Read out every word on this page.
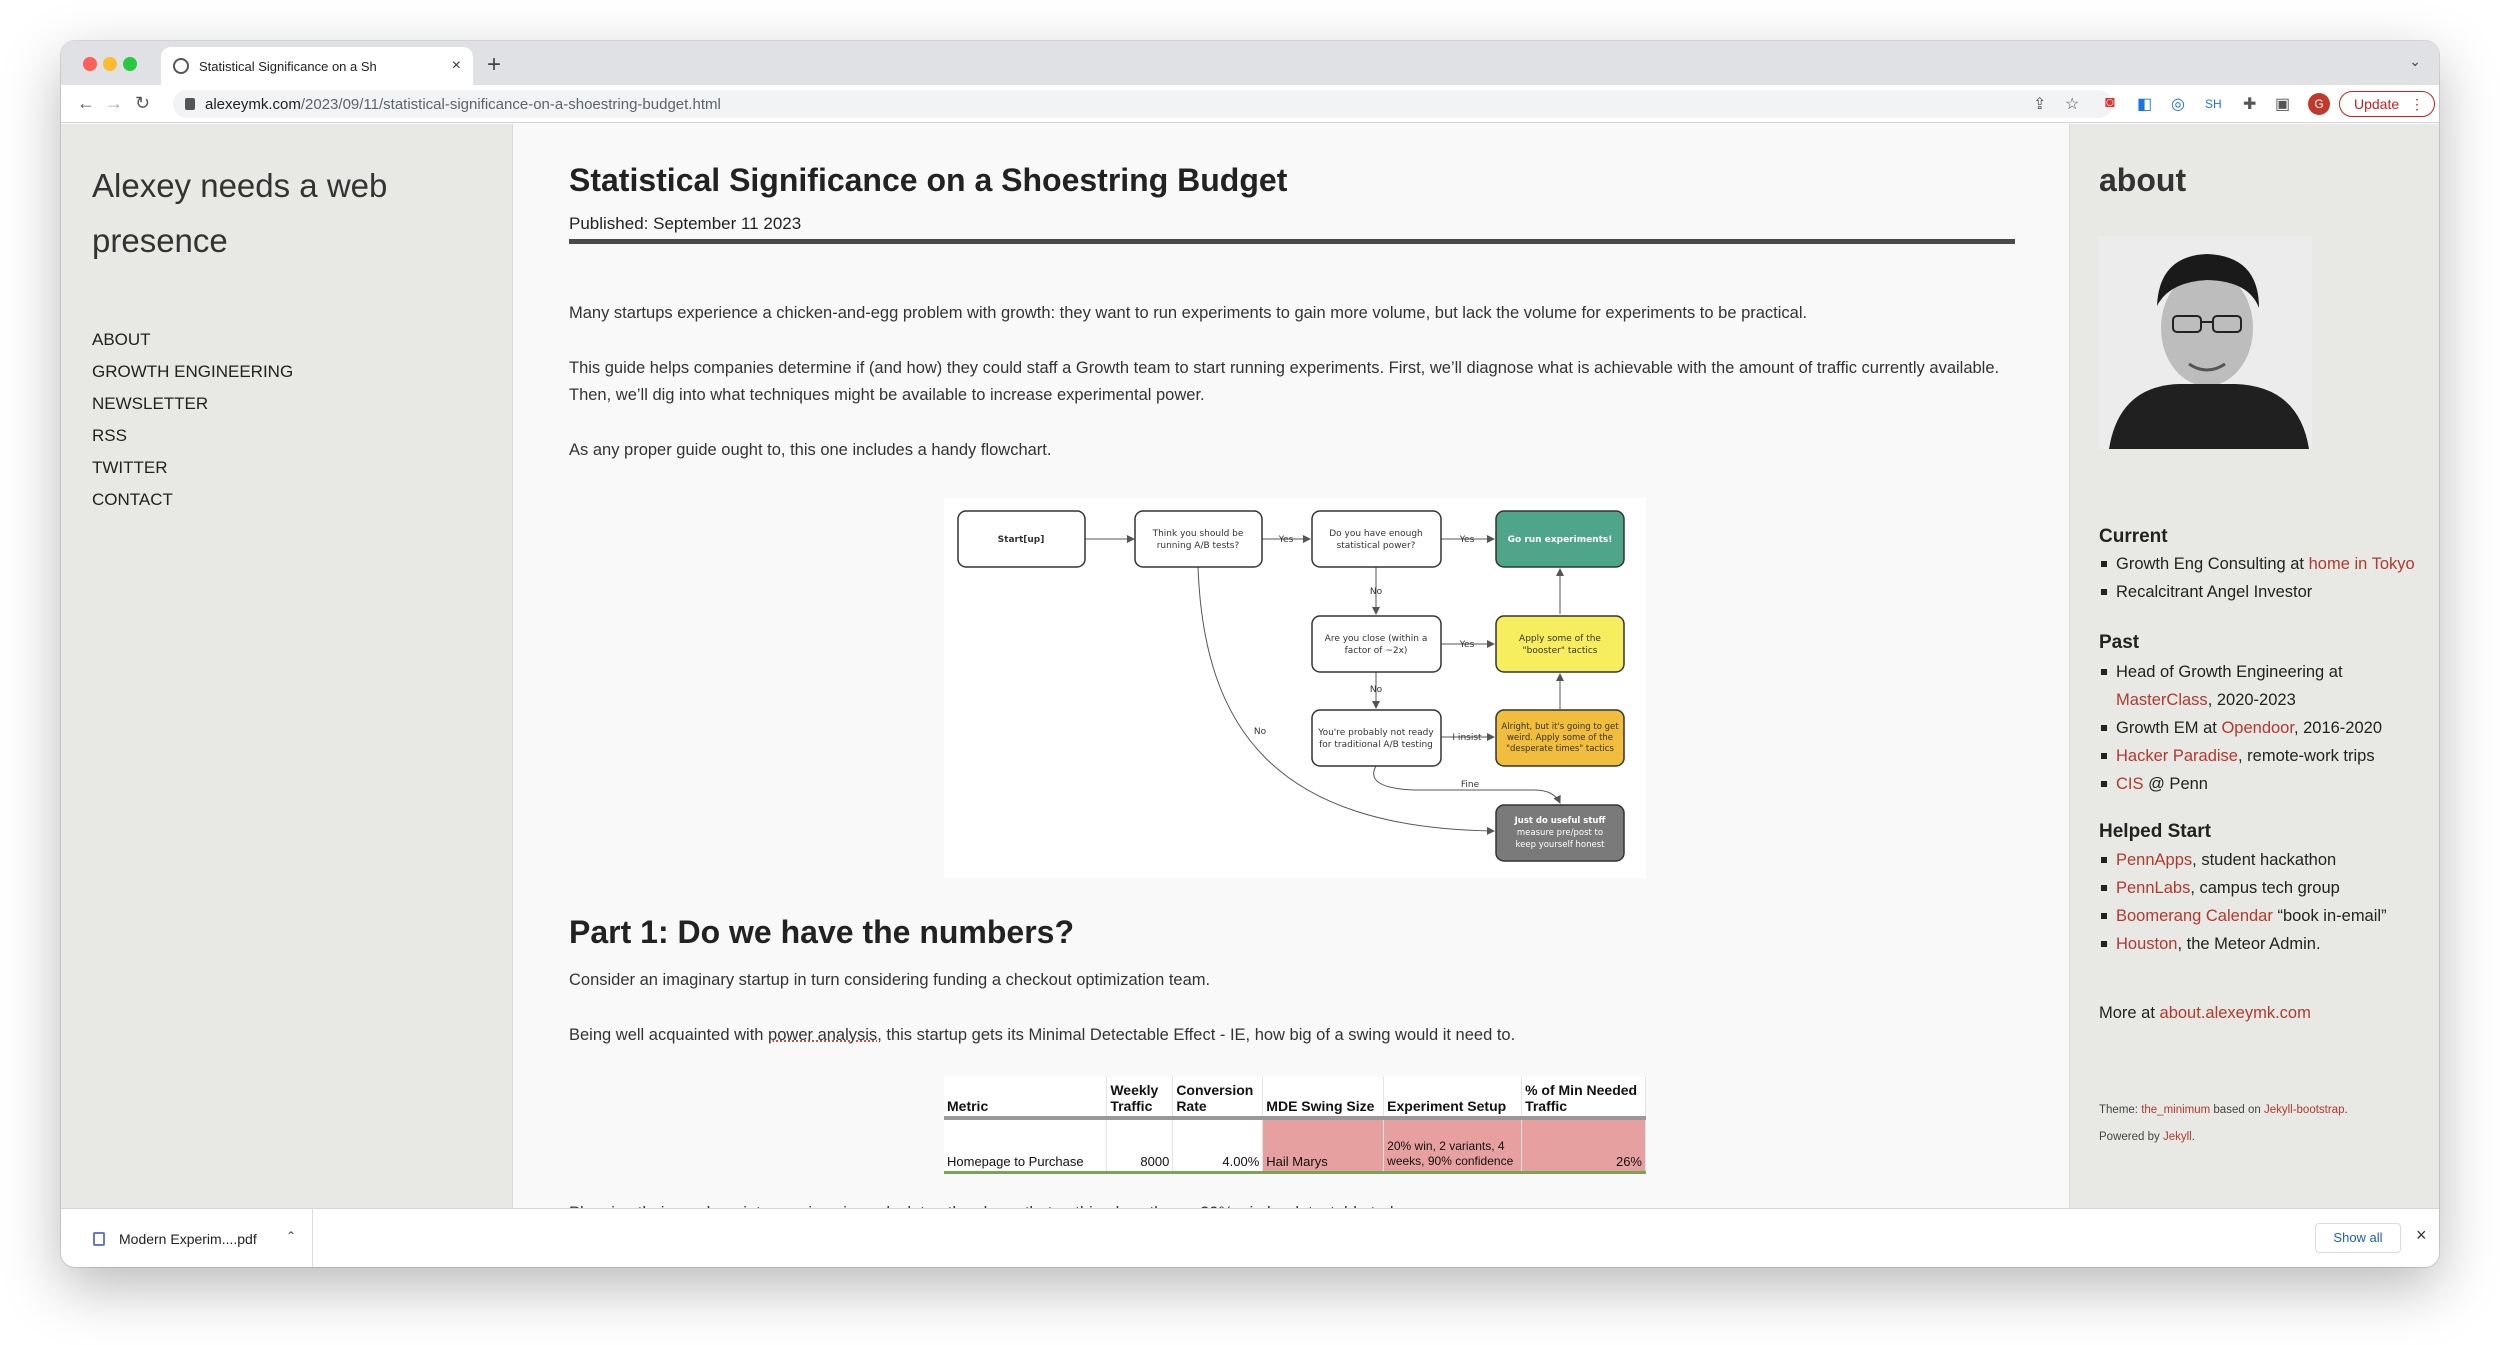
Statistical Significance on a Sh	× +	⌄
← → ↻	alexeymk.com/2023/09/11/statistical-significance-on-a-shoestring-budget.html	⇪ ☆ ◙ ◧ ◎ SH ✚ ▣	G	Update ⋮
Alexey needs a web presence
ABOUT
GROWTH ENGINEERING
NEWSLETTER
RSS
TWITTER
CONTACT
Statistical Significance on a Shoestring Budget
Published: September 11 2023

Many startups experience a chicken-and-egg problem with growth: they want to run experiments to gain more volume, but lack the volume for experiments to be practical.

This guide helps companies determine if (and how) they could staff a Growth team to start running experiments. First, we’ll diagnose what is achievable with the amount of traffic currently available. Then, we’ll dig into what techniques might be available to increase experimental power.

As any proper guide ought to, this one includes a handy flowchart.

Yes	Yes
Yes
No
No
No
I insist
Fine
Start[up]
Think you should be
running A/B tests?
Do you have enough
statistical power?
Go run experiments!
Are you close (within a
factor of ~2x)
Apply some of the
"booster" tactics
You're probably not ready
for traditional A/B testing
Alright, but it's going to get
weird. Apply some of the
"desperate times" tactics
Just do useful stuff
measure pre/post to
keep yourself honest
Part 1: Do we have the numbers?

Consider an imaginary startup in turn considering funding a checkout optimization team.

Being well acquainted with power analysis, this startup gets its Minimal Detectable Effect - IE, how big of a swing would it need to.

Metric	Weekly Traffic	Conversion Rate	MDE Swing Size	Experiment Setup	% of Min Needed Traffic
Homepage to Purchase	8000	4.00%	Hail Marys	20% win, 2 variants, 4 weeks, 90% confidence	26%

about
Current
Growth Eng Consulting at home in Tokyo
Recalcitrant Angel Investor
Past
Head of Growth Engineering at MasterClass, 2020-2023
Growth EM at Opendoor, 2016-2020
Hacker Paradise, remote-work trips
CIS @ Penn
Helped Start
PennApps, student hackathon
PennLabs, campus tech group
Boomerang Calendar “book in-email”
Houston, the Meteor Admin.
More at about.alexeymk.com
Theme: the_minimum based on Jekyll-bootstrap.
Powered by Jekyll.
Modern Experim....pdf ⌃	Show all	×
